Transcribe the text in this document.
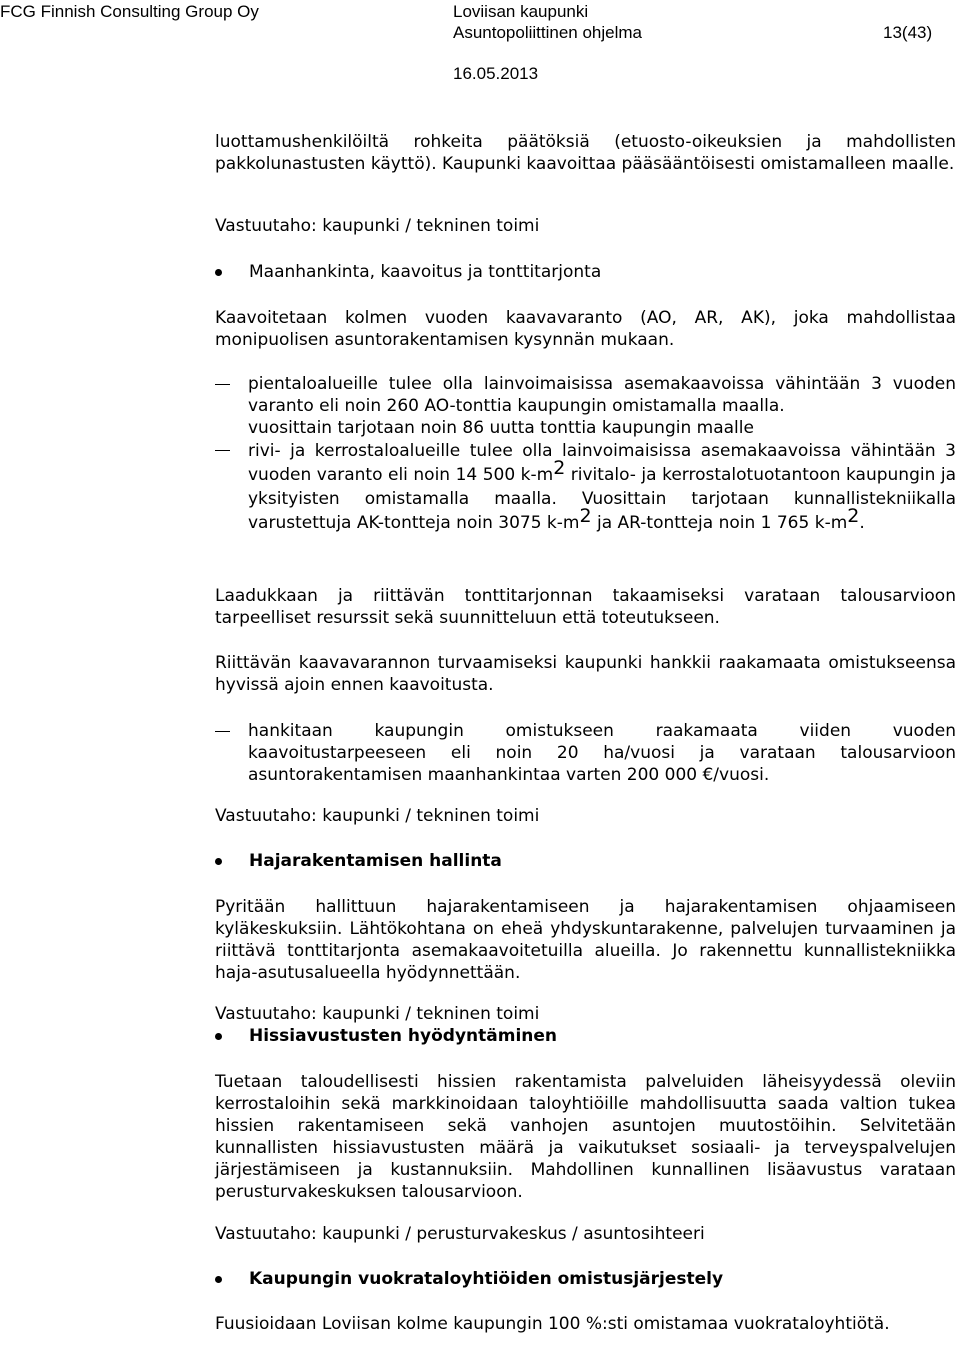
FCG Finnish Consulting Group Oy	Loviisan kaupunki
Asuntopoliittinen ohjelma	13(43)
16.05.2013

luottamushenkilöiltä rohkeita päätöksiä (etuosto-oikeuksien ja mahdollisten pakkolunastusten käyttö). Kaupunki kaavoittaa pääsääntöisesti omistamalleen maalle.

Vastuutaho: kaupunki / tekninen toimi

Maanhankinta, kaavoitus ja tonttitarjonta

Kaavoitetaan kolmen vuoden kaavavaranto (AO, AR, AK), joka mahdollistaa monipuolisen asuntorakentamisen kysynnän mukaan.

pientaloalueille tulee olla lainvoimaisissa asemakaavoissa vähintään 3 vuoden varanto eli noin 260 AO-tonttia kaupungin omistamalla maalla.

vuosittain tarjotaan noin 86 uutta tonttia kaupungin maalle

rivi- ja kerrostaloalueille tulee olla lainvoimaisissa asemakaavoissa vähintään 3 vuoden varanto eli noin 14 500 $k-m^2$ rivitalo- ja kerrostalotuotantoon kaupungin ja yksityisten omistamalla maalla. Vuosittain tarjotaan kunnallistekniikalla varustettuja AK-tontteja noin 3075 $k-m^2$ ja AR-tontteja noin 1 765 $k-m^2$.

Laadukkaan ja riittävän tonttitarjonnan takaamiseksi varataan talousarvioon tarpeelliset resurssit sekä suunnitteluun että toteutukseen.

Riittävän kaavavarannon turvaamiseksi kaupunki hankkii raakamaata omistukseensa hyvissä ajoin ennen kaavoitusta.

hankitaan kaupungin omistukseen raakamaata viiden vuoden kaavoitustarpeeseen eli noin 20 ha/vuosi ja varataan talousarvioon asuntorakentamisen maanhankintaa varten 200 000 €/vuosi.

Vastuutaho: kaupunki / tekninen toimi

Hajarakentamisen hallinta

Pyritään hallittuun hajarakentamiseen ja hajarakentamisen ohjaamiseen kyläkeskuksiin. Lähtökohtana on eheä yhdyskuntarakenne, palvelujen turvaaminen ja riittävä tonttitarjonta asemakaavoitetuilla alueilla. Jo rakennettu kunnallistekniikka haja-asutusalueella hyödynnettään.

Vastuutaho: kaupunki / tekninen toimi

Hissiavustusten hyödyntäminen

Tuetaan taloudellisesti hissien rakentamista palveluiden läheisyydessä oleviin kerrostaloihin sekä markkinoidaan taloyhtiöille mahdollisuutta saada valtion tukea hissien rakentamiseen sekä vanhojen asuntojen muutostöihin. Selvitetään kunnallisten hissiavustusten määrä ja vaikutukset sosiaali- ja terveyspalvelujen järjestämiseen ja kustannuksiin. Mahdollinen kunnallinen lisäavustus varataan perusturvakeskuksen talousarvioon.

Vastuutaho: kaupunki / perusturvakeskus / asuntosihteeri

Kaupungin vuokrataloyhtiöiden omistusjärjestely

Fuusioidaan Loviisan kolme kaupungin 100 %:sti omistamaa vuokrataloyhtiötä.
